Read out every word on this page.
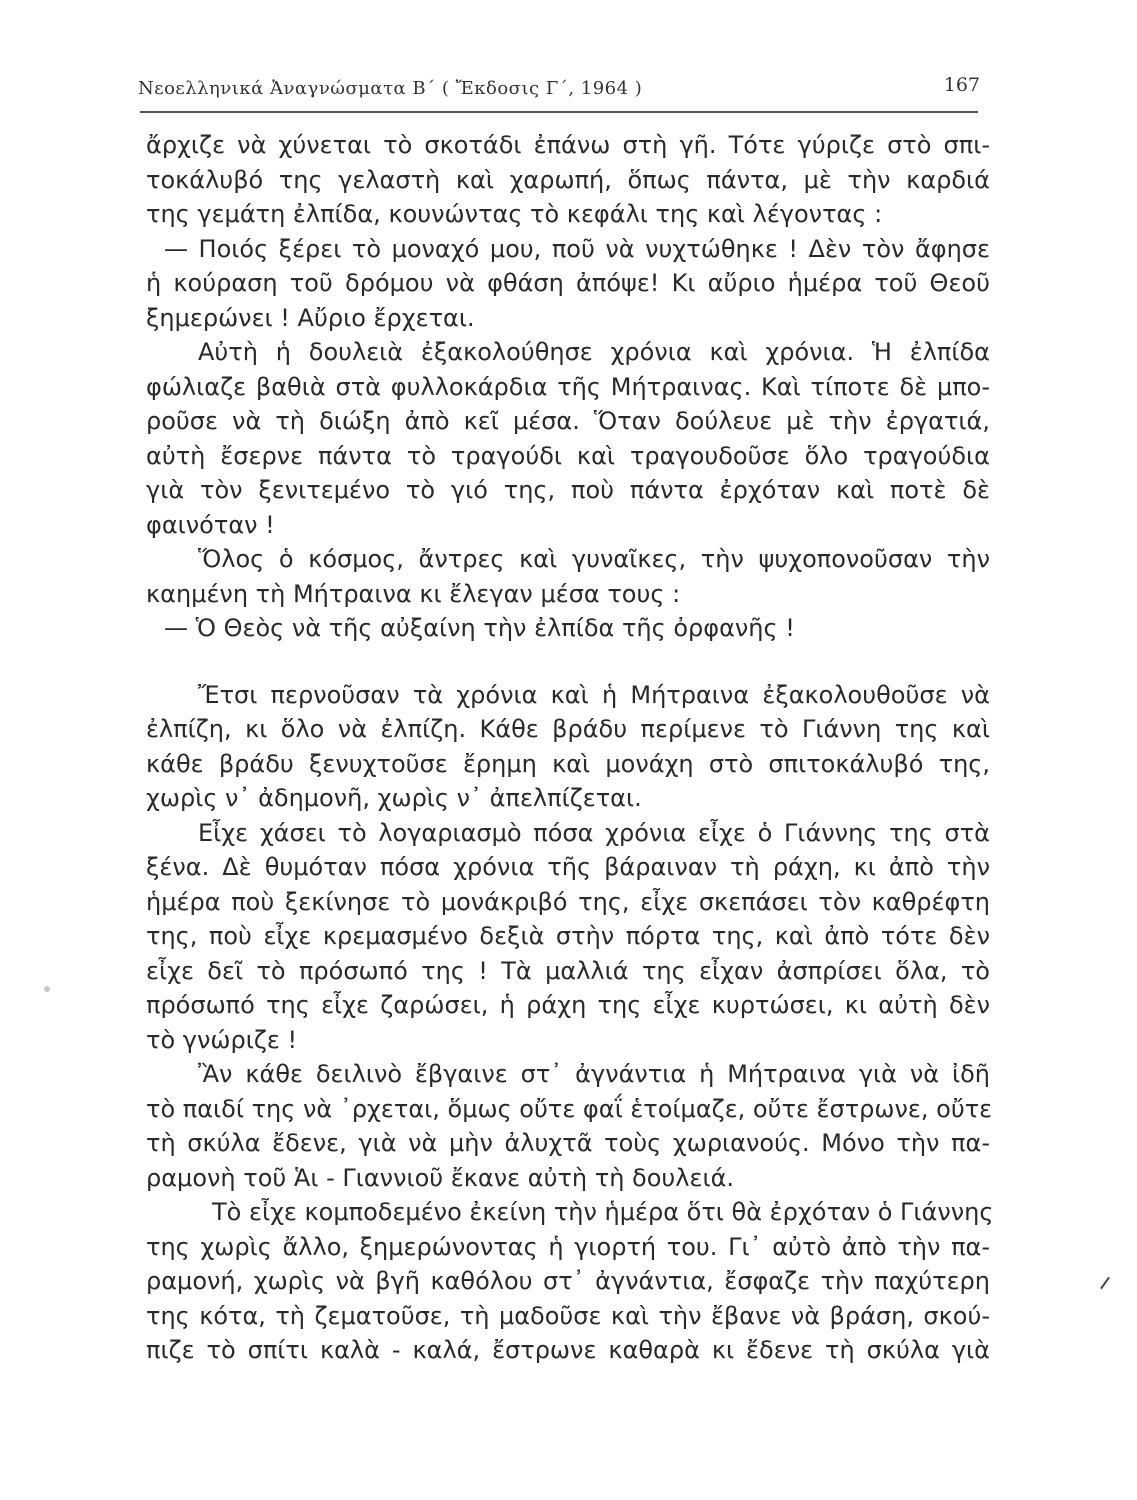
Νεοελληνικά Ἀναγνώσματα Β΄ ( Ἔκδοσις Γ΄, 1964 )	167
ἄρχιζε νὰ χύνεται τὸ σκοτάδι ἐπάνω στὴ γῆ. Τότε γύριζε στὸ σπι-
τοκάλυβό της γελαστὴ καὶ χαρωπή, ὅπως πάντα, μὲ τὴν καρδιά
της γεμάτη ἐλπίδα, κουνώντας τὸ κεφάλι της καὶ λέγοντας :
— Ποιός ξέρει τὸ μοναχό μου, ποῦ νὰ νυχτώθηκε ! Δὲν τὸν ἄφησε
ἡ κούραση τοῦ δρόμου νὰ φθάση ἀπόψε! Κι αὔριο ἡμέρα τοῦ Θεοῦ
ξημερώνει ! Αὔριο ἔρχεται.
Αὐτὴ ἡ δουλειὰ ἐξακολούθησε χρόνια καὶ χρόνια. Ἡ ἐλπίδα
φώλιαζε βαθιὰ στὰ φυλλοκάρδια τῆς Μήτραινας. Καὶ τίποτε δὲ μπο-
ροῦσε νὰ τὴ διώξη ἀπὸ κεῖ μέσα. Ὅταν δούλευε μὲ τὴν ἐργατιά,
αὐτὴ ἔσερνε πάντα τὸ τραγούδι καὶ τραγουδοῦσε ὅλο τραγούδια
γιὰ τὸν ξενιτεμένο τὸ γιό της, ποὺ πάντα ἐρχόταν καὶ ποτὲ δὲ
φαινόταν !
Ὅλος ὁ κόσμος, ἄντρες καὶ γυναῖκες, τὴν ψυχοπονοῦσαν τὴν
καημένη τὴ Μήτραινα κι ἔλεγαν μέσα τους :
— Ὁ Θεὸς νὰ τῆς αὐξαίνη τὴν ἐλπίδα τῆς ὀρφανῆς !
Ἔτσι περνοῦσαν τὰ χρόνια καὶ ἡ Μήτραινα ἐξακολουθοῦσε νὰ
ἐλπίζη, κι ὅλο νὰ ἐλπίζη. Κάθε βράδυ περίμενε τὸ Γιάννη της καὶ
κάθε βράδυ ξενυχτοῦσε ἔρημη καὶ μονάχη στὸ σπιτοκάλυβό της,
χωρὶς ν᾽ ἀδημονῆ, χωρὶς ν᾽ ἀπελπίζεται.
Εἶχε χάσει τὸ λογαριασμὸ πόσα χρόνια εἶχε ὁ Γιάννης της στὰ
ξένα. Δὲ θυμόταν πόσα χρόνια τῆς βάραιναν τὴ ράχη, κι ἀπὸ τὴν
ἡμέρα ποὺ ξεκίνησε τὸ μονάκριβό της, εἶχε σκεπάσει τὸν καθρέφτη
της, ποὺ εἶχε κρεμασμένο δεξιὰ στὴν πόρτα της, καὶ ἀπὸ τότε δὲν
εἶχε δεῖ τὸ πρόσωπό της ! Τὰ μαλλιά της εἶχαν ἀσπρίσει ὅλα, τὸ
πρόσωπό της εἶχε ζαρώσει, ἡ ράχη της εἶχε κυρτώσει, κι αὐτὴ δὲν
τὸ γνώριζε !
Ἂν κάθε δειλινὸ ἔβγαινε στ᾽ ἀγνάντια ἡ Μήτραινα γιὰ νὰ ἰδῆ
τὸ παιδί της νὰ ᾽ρχεται, ὅμως οὔτε φαΐ ἑτοίμαζε, οὔτε ἔστρωνε, οὔτε
τὴ σκύλα ἔδενε, γιὰ νὰ μὴν ἀλυχτᾶ τοὺς χωριανούς. Μόνο τὴν πα-
ραμονὴ τοῦ Ἁι - Γιαννιοῦ ἔκανε αὐτὴ τὴ δουλειά.
Τὸ εἶχε κομποδεμένο ἐκείνη τὴν ἡμέρα ὅτι θὰ ἐρχόταν ὁ Γιάννης
της χωρὶς ἄλλο, ξημερώνοντας ἡ γιορτή του. Γι᾽ αὐτὸ ἀπὸ τὴν πα-
ραμονή, χωρὶς νὰ βγῆ καθόλου στ᾽ ἀγνάντια, ἔσφαζε τὴν παχύτερη
της κότα, τὴ ζεματοῦσε, τὴ μαδοῦσε καὶ τὴν ἔβανε νὰ βράση, σκού-
πιζε τὸ σπίτι καλὰ - καλά, ἔστρωνε καθαρὰ κι ἔδενε τὴ σκύλα γιὰ
